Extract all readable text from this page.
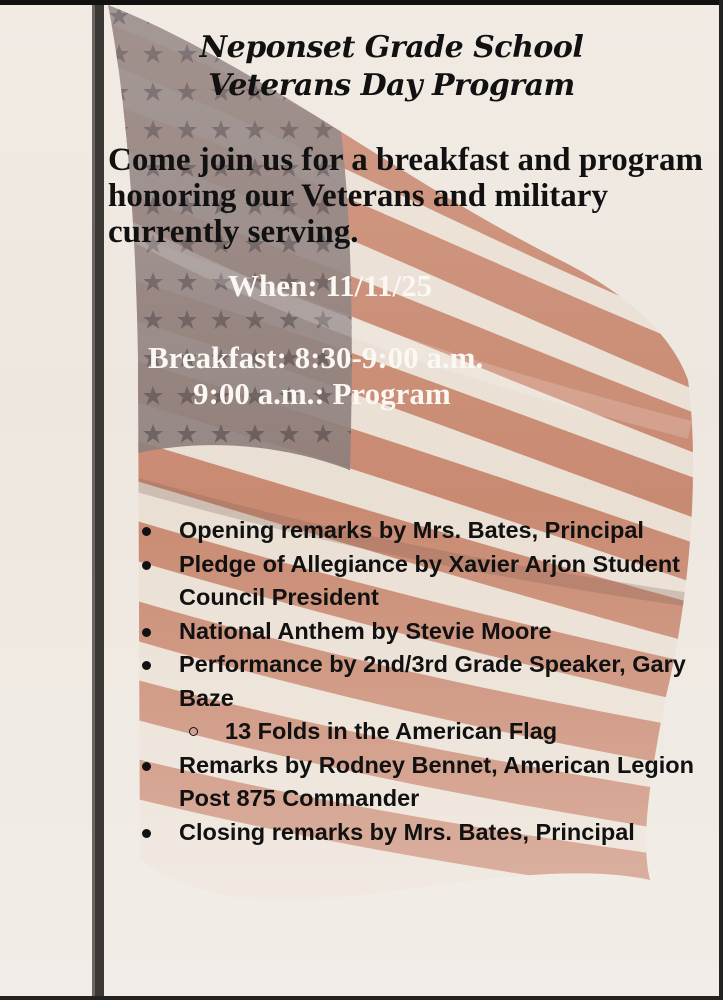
Neponset Grade School
Veterans Day Program
Come join us for a breakfast and program honoring our Veterans and military currently serving.
When: 11/11/25
Breakfast: 8:30-9:00 a.m.
9:00 a.m.: Program
Opening remarks by Mrs. Bates, Principal
Pledge of Allegiance by Xavier Arjon Student Council President
National Anthem by Stevie Moore
Performance by 2nd/3rd Grade Speaker, Gary Baze
13 Folds in the American Flag
Remarks by Rodney Bennet, American Legion Post 875 Commander
Closing remarks by Mrs. Bates, Principal
